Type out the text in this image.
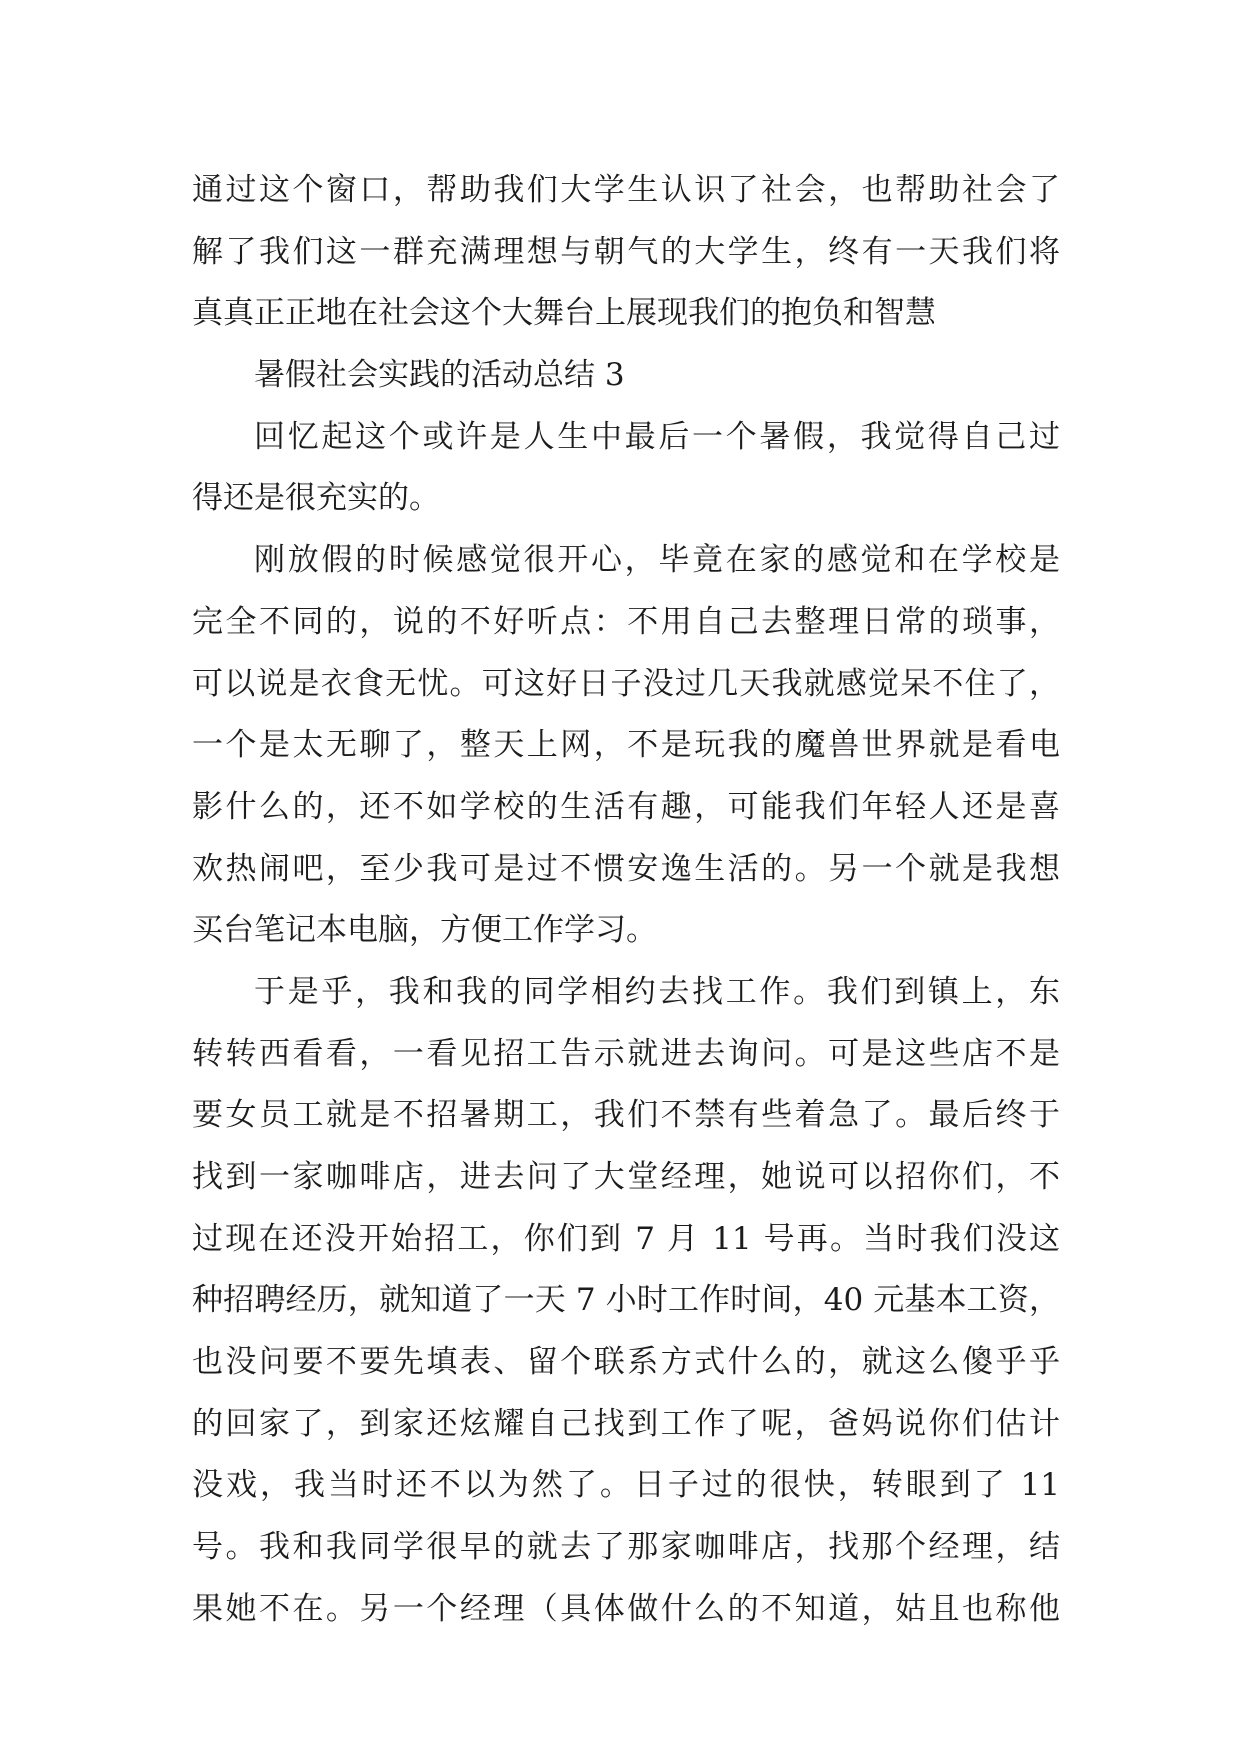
通过这个窗口，帮助我们大学生认识了社会，也帮助社会了
解了我们这一群充满理想与朝气的大学生，终有一天我们将
真真正正地在社会这个大舞台上展现我们的抱负和智慧
暑假社会实践的活动总结 3
回忆起这个或许是人生中最后一个暑假，我觉得自己过
得还是很充实的。
刚放假的时候感觉很开心，毕竟在家的感觉和在学校是
完全不同的，说的不好听点：不用自己去整理日常的琐事，
可以说是衣食无忧。可这好日子没过几天我就感觉呆不住了，
一个是太无聊了，整天上网，不是玩我的魔兽世界就是看电
影什么的，还不如学校的生活有趣，可能我们年轻人还是喜
欢热闹吧，至少我可是过不惯安逸生活的。另一个就是我想
买台笔记本电脑，方便工作学习。
于是乎，我和我的同学相约去找工作。我们到镇上，东
转转西看看，一看见招工告示就进去询问。可是这些店不是
要女员工就是不招暑期工，我们不禁有些着急了。最后终于
找到一家咖啡店，进去问了大堂经理，她说可以招你们，不
过现在还没开始招工，你们到 7 月 11 号再。当时我们没这
种招聘经历，就知道了一天 7 小时工作时间，40 元基本工资，
也没问要不要先填表、留个联系方式什么的，就这么傻乎乎
的回家了，到家还炫耀自己找到工作了呢，爸妈说你们估计
没戏，我当时还不以为然了。日子过的很快，转眼到了 11
号。我和我同学很早的就去了那家咖啡店，找那个经理，结
果她不在。另一个经理（具体做什么的不知道，姑且也称他
